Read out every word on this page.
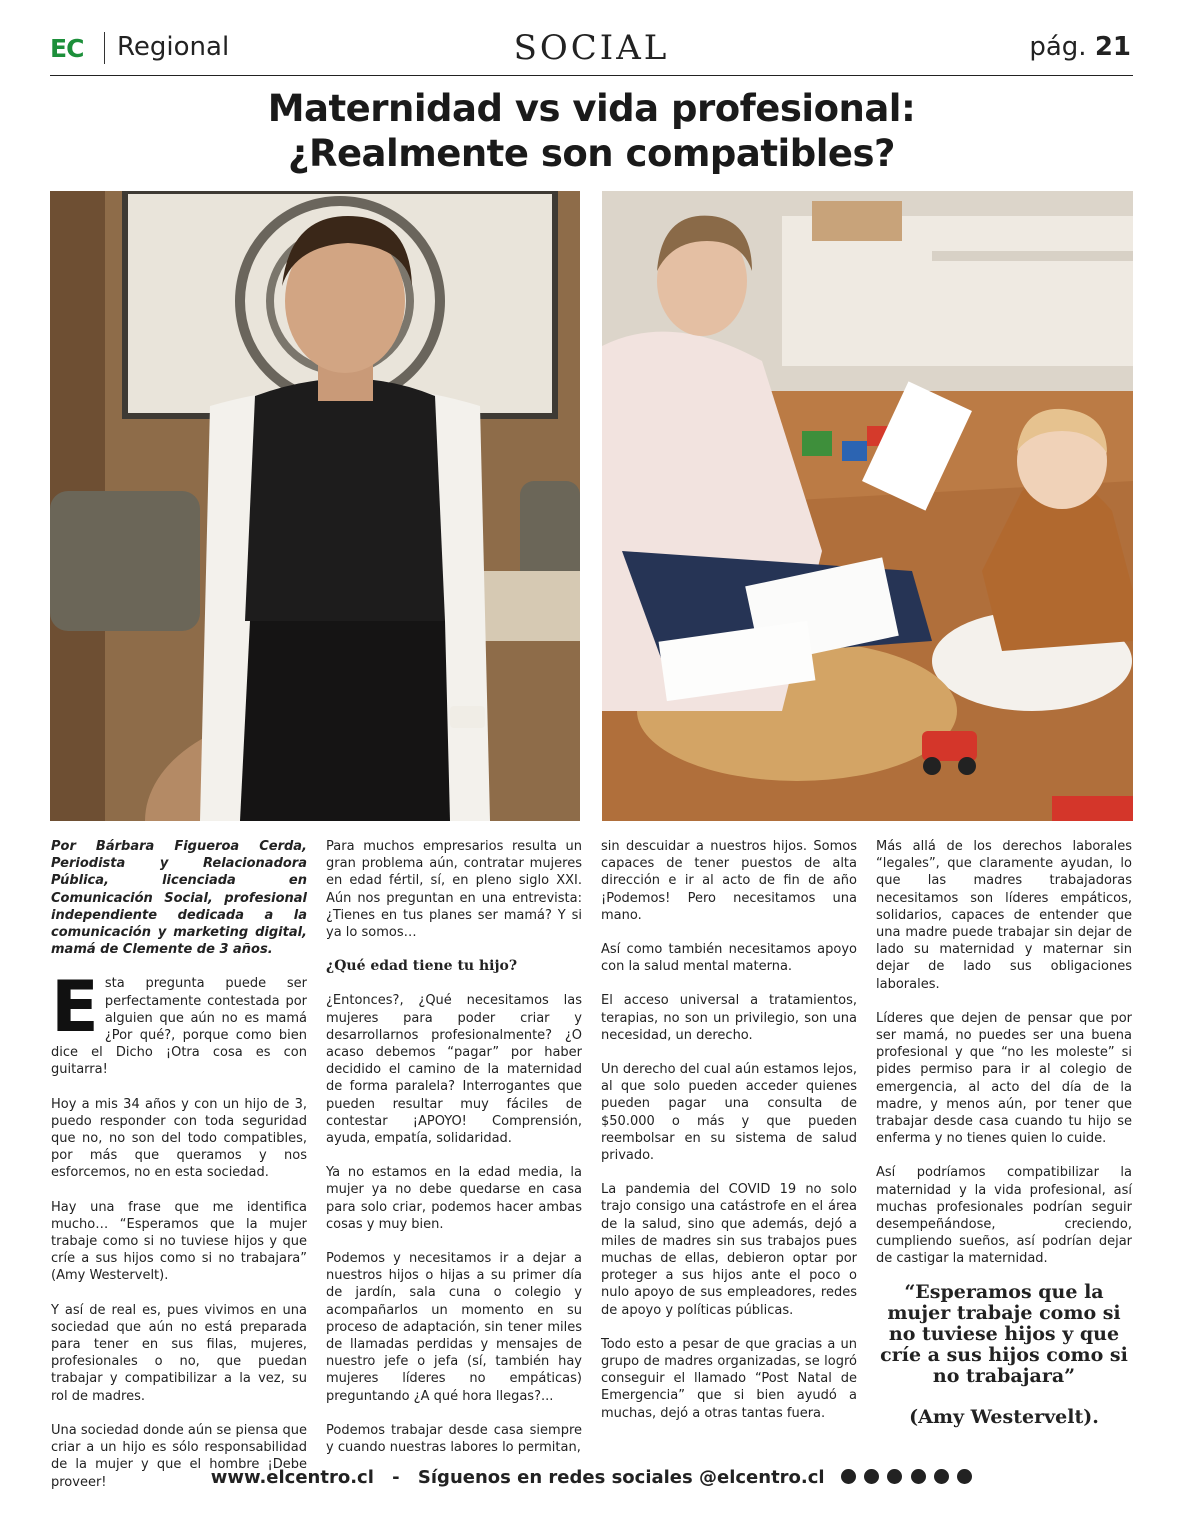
EC Regional	SOCIAL	pág. 21
Maternidad vs vida profesional:
¿Realmente son compatibles?

Por Bárbara Figueroa Cerda, Periodista y Relacionadora Pública, licenciada en Comunicación Social, profesional independiente dedicada a la comunicación y marketing digital, mamá de Clemente de 3 años.

Esta pregunta puede ser perfectamente contestada por alguien que aún no es mamá ¿Por qué?, porque como bien dice el Dicho ¡Otra cosa es con guitarra!

Hoy a mis 34 años y con un hijo de 3, puedo responder con toda seguridad que no, no son del todo compatibles, por más que queramos y nos esforcemos, no en esta sociedad.

Hay una frase que me identifica mucho… “Esperamos que la mujer trabaje como si no tuviese hijos y que críe a sus hijos como si no trabajara” (Amy Westervelt).

Y así de real es, pues vivimos en una sociedad que aún no está preparada para tener en sus filas, mujeres, profesionales o no, que puedan trabajar y compatibilizar a la vez, su rol de madres.

Una sociedad donde aún se piensa que criar a un hijo es sólo responsabilidad de la mujer y que el hombre ¡Debe proveer!

Para muchos empresarios resulta un gran problema aún, contratar mujeres en edad fértil, sí, en pleno siglo XXI. Aún nos preguntan en una entrevista:¿Tienes en tus planes ser mamá? Y si ya lo somos…

¿Qué edad tiene tu hijo?

¿Entonces?, ¿Qué necesitamos las mujeres para poder criar y desarrollarnos profesionalmente? ¿O acaso debemos “pagar” por haber decidido el camino de la maternidad de forma paralela? Interrogantes que pueden resultar muy fáciles de contestar ¡APOYO! Comprensión, ayuda, empatía, solidaridad.

Ya no estamos en la edad media, la mujer ya no debe quedarse en casa para solo criar, podemos hacer ambas cosas y muy bien.

Podemos y necesitamos ir a dejar a nuestros hijos o hijas a su primer día de jardín, sala cuna o colegio y acompañarlos un momento en su proceso de adaptación, sin tener miles de llamadas perdidas y mensajes de nuestro jefe o jefa (sí, también hay mujeres líderes no empáticas) preguntando ¿A qué hora llegas?...

Podemos trabajar desde casa siempre y cuando nuestras labores lo permitan,

sin descuidar a nuestros hijos. Somos capaces de tener puestos de alta dirección e ir al acto de fin de año ¡Podemos! Pero necesitamos una mano.

Así como también necesitamos apoyo con la salud mental materna.

El acceso universal a tratamientos, terapias, no son un privilegio, son una necesidad, un derecho.

Un derecho del cual aún estamos lejos, al que solo pueden acceder quienes pueden pagar una consulta de $50.000 o más y que pueden reembolsar en su sistema de salud privado.

La pandemia del COVID 19 no solo trajo consigo una catástrofe en el área de la salud, sino que además, dejó a miles de madres sin sus trabajos pues muchas de ellas, debieron optar por proteger a sus hijos ante el poco o nulo apoyo de sus empleadores, redes de apoyo y políticas públicas.

Todo esto a pesar de que gracias a un grupo de madres organizadas, se logró conseguir el llamado “Post Natal de Emergencia” que si bien ayudó a muchas, dejó a otras tantas fuera.

Más allá de los derechos laborales “legales”, que claramente ayudan, lo que las madres trabajadoras necesitamos son líderes empáticos, solidarios, capaces de entender que una madre puede trabajar sin dejar de lado su maternidad y maternar sin dejar de lado sus obligaciones laborales.

Líderes que dejen de pensar que por ser mamá, no puedes ser una buena profesional y que “no les moleste” si pides permiso para ir al colegio de emergencia, al acto del día de la madre, y menos aún, por tener que trabajar desde casa cuando tu hijo se enferma y no tienes quien lo cuide.

Así podríamos compatibilizar la maternidad y la vida profesional, así muchas profesionales podrían seguir desempeñándose, creciendo, cumpliendo sueños, así podrían dejar de castigar la maternidad.

“Esperamos que la mujer trabaje como si no tuviese hijos y que críe a sus hijos como si no trabajara”
(Amy Westervelt).
www.elcentro.cl - Síguenos en redes sociales @elcentro.cl
